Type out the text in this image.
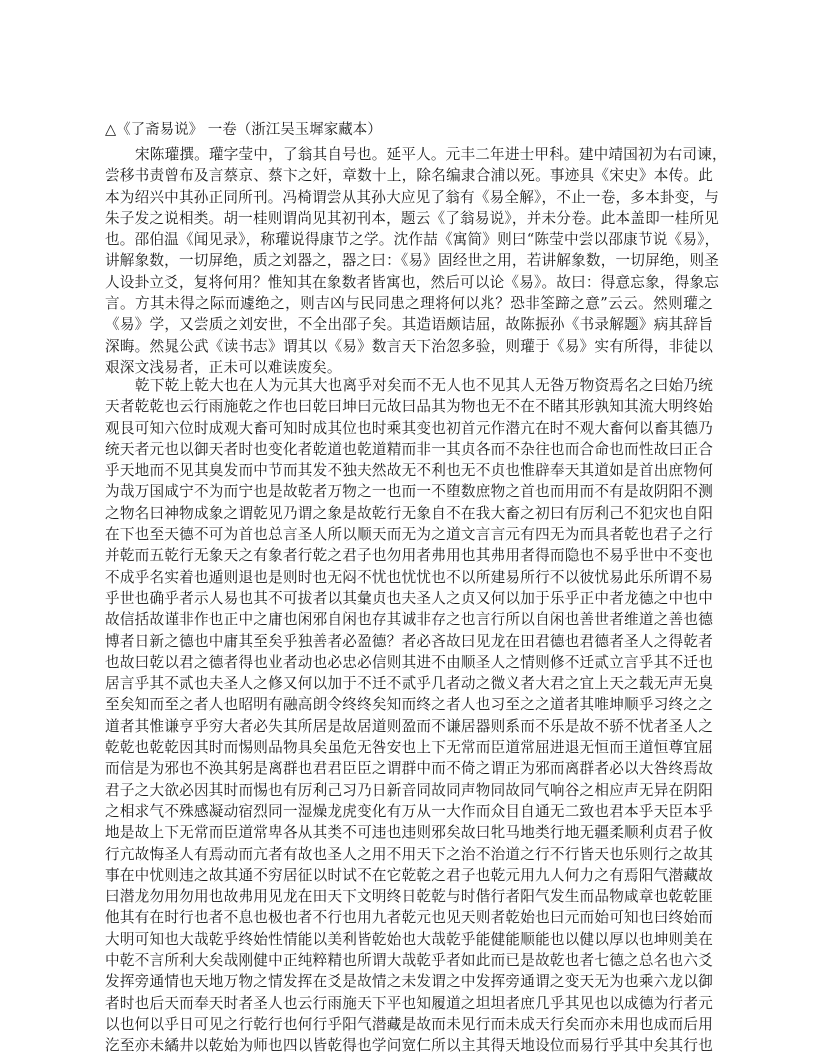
△《了斋易说》 一卷（浙江吴玉墀家藏本）
宋陈瓘撰。瓘字莹中，了翁其自号也。延平人。元丰二年进士甲科。建中靖国初为右司谏，
尝移书责曾布及言蔡京、蔡卞之奸，章数十上，除名编隶合浦以死。事迹具《宋史》本传。此
本为绍兴中其孙正同所刊。冯椅谓尝从其孙大应见了翁有《易全解》，不止一卷，多本卦变，与
朱子发之说相类。胡一桂则谓尚见其初刊本，题云《了翁易说》，并未分卷。此本盖即一桂所见
也。邵伯温《闻见录》，称瓘说得康节之学。沈作喆《寓简》则曰“陈莹中尝以邵康节说《易》，
讲解象数，一切屏绝，质之刘器之，器之曰：《易》固经世之用，若讲解象数，一切屏绝，则圣
人设卦立爻，复将何用？惟知其在象数者皆寓也，然后可以论《易》。故曰：得意忘象，得象忘
言。方其未得之际而遽绝之，则吉凶与民同患之理将何以兆？恐非筌蹄之意”云云。然则瓘之
《易》学，又尝质之刘安世，不全出邵子矣。其造语颇诘屈，故陈振孙《书录解题》病其辞旨
深晦。然晁公武《读书志》谓其以《易》数言天下治忽多验，则瓘于《易》实有所得，非徒以
艰深文浅易者，正未可以难读废矣。
乾下乾上乾大也在人为元其大也离乎对矣而不无人也不见其人无咎万物资焉名之曰始乃统
天者乾乾也云行雨施乾之作也曰乾曰坤曰元故曰品其为物也无不在不睹其形孰知其流大明终始
观艮可知六位时成观大畜可知时成其位也时乘其变也初首元作潜亢在时不观大畜何以畜其德乃
统天者元也以御天者时也变化者乾道也乾道精而非一其贞各而不杂往也而合命也而性故曰正合
乎天地而不见其臭发而中节而其发不独夫然故无不利也无不贞也惟辟奉天其道如是首出庶物何
为哉万国咸宁不为而宁也是故乾者万物之一也而一不堕数庶物之首也而用而不有是故阴阳不测
之物名曰神物成象之谓乾见乃谓之象是故乾行无象自不在我大畜之初曰有厉利己不犯灾也自阳
在下也至天德不可为首也总言圣人所以顺天而无为之道文言言元有四无为而具者乾也君子之行
并乾而五乾行无象天之有象者行乾之君子也勿用者弗用也其弗用者得而隐也不易乎世中不变也
不成乎名实着也遁则退也是则时也无闷不忧也忧忧也不以所建易所行不以彼忧易此乐所谓不易
乎世也确乎者示人易也其不可拔者以其彙贞也夫圣人之贞又何以加于乐乎正中者龙德之中也中
故信括故谨非作也正中之庸也闲邪自闲也存其诚非存之也言行所以自闲也善世者维道之善也德
博者日新之德也中庸其至矣乎独善者必盈德？者必吝故曰见龙在田君德也君德者圣人之得乾者
也故曰乾以君之德者得也业者动也必忠必信则其进不由顺圣人之情则修不迁贰立言乎其不迁也
居言乎其不贰也夫圣人之修又何以加于不迁不贰乎几者动之微义者大君之宜上天之载无声无臭
至矣知而至之者人也昭明有融高朗令终终矣知而终之者人也习至之之道者其唯坤顺乎习终之之
道者其惟谦亨乎穷大者必失其所居是故居道则盈而不谦居器则系而不乐是故不骄不忧者圣人之
乾乾也乾乾因其时而惕则品物具矣虽危无咎安也上下无常而臣道常屈进退无恒而王道恒尊宜屈
而信是为邪也不涣其躬是离群也君君臣臣之谓群中而不倚之谓正为邪而离群者必以大咎终焉故
君子之大欲必因其时而惕也有厉利己习乃日新音同故同声物同故同气响谷之相应声无异在阴阳
之相求气不殊感凝动宿烈同一湿燥龙虎变化有万从一大作而众目自通无二致也君本乎天臣本乎
地是故上下无常而臣道常卑各从其类不可违也违则邪矣故曰牝马地类行地无疆柔顺利贞君子攸
行亢故悔圣人有焉动而亢者有故也圣人之用不用天下之治不治道之行不行皆天也乐则行之故其
事在中忧则违之故其通不穷居征以时试不在它乾乾之君子也乾元用九人何力之有焉阳气潜藏故
曰潜龙勿用勿用也故弗用见龙在田天下文明终日乾乾与时偕行者阳气发生而品物咸章也乾乾匪
他其有在时行也者不息也极也者不行也用九者乾元也见天则者乾始也曰元而始可知也曰终始而
大明可知也大哉乾乎终始性情能以美利皆乾始也大哉乾乎能健能顺能也以健以厚以也坤则美在
中乾不言所利大矣哉刚健中正纯粹精也所谓大哉乾乎者如此而已是故乾也者七德之总名也六爻
发挥旁通情也天地万物之情发挥在爻是故情之未发谓之中发挥旁通谓之变天无为也乘六龙以御
者时也后天而奉天时者圣人也云行雨施天下平也知履道之坦坦者庶几乎其见也以成德为行者元
以也何以乎日可见之行乾行也何行乎阳气潜藏是故而未见行而未成天行矣而亦未用也成而后用
汔至亦未繘井以乾始为师也四以皆乾得也学问宽仁所以主其得天地设位而易行乎其中矣其行也
